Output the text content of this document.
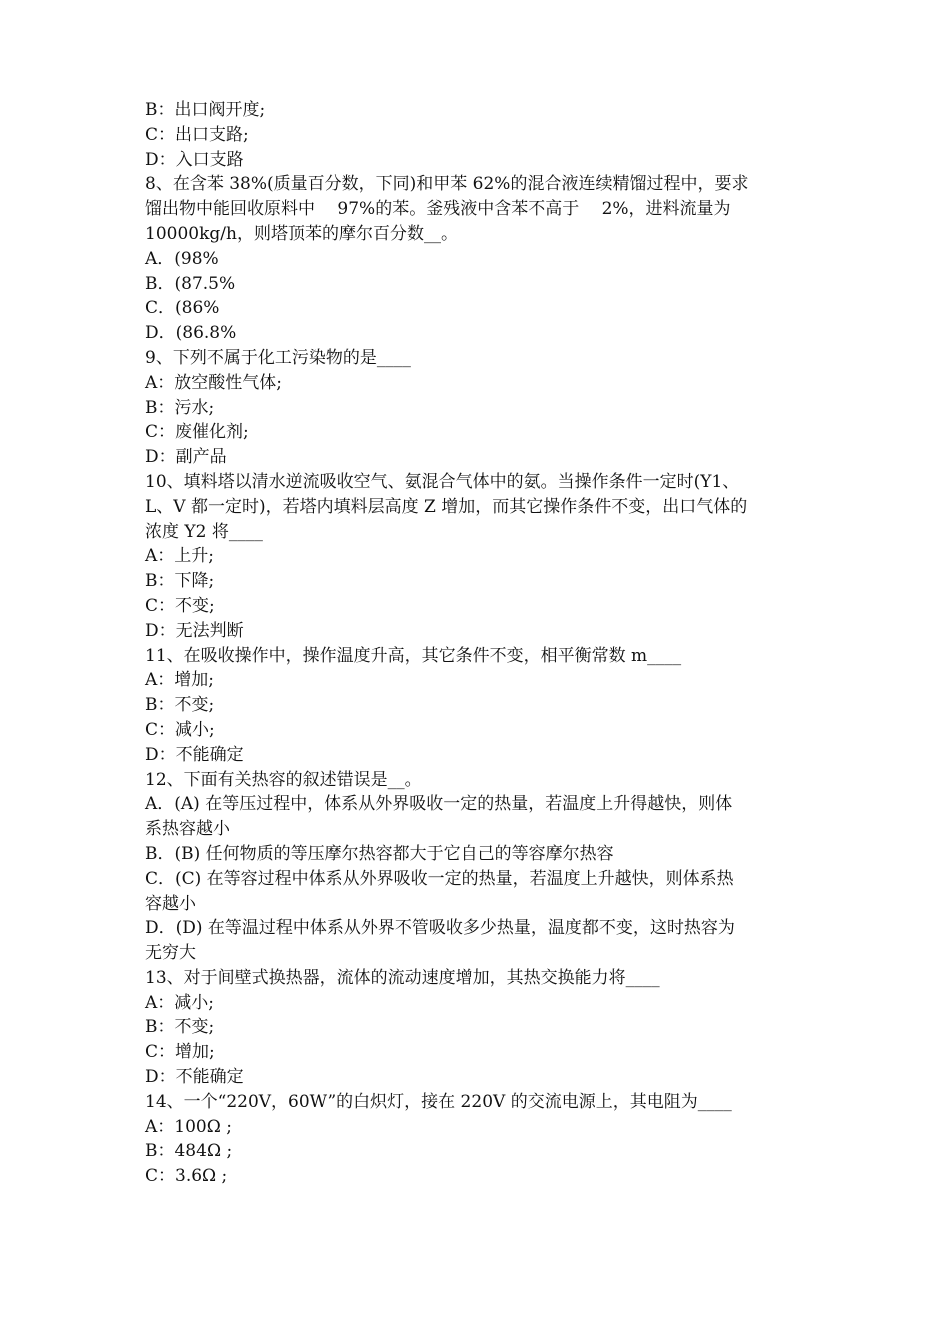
B：出口阀开度;

C：出口支路;

D：入口支路

8、在含苯 38%(质量百分数，下同)和甲苯 62%的混合液连续精馏过程中，要求

馏出物中能回收原料中　 97%的苯。釜残液中含苯不高于　 2%，进料流量为

10000kg/h，则塔顶苯的摩尔百分数__。

A．(98%

B．(87.5%

C．(86%

D．(86.8%

9、下列不属于化工污染物的是____

A：放空酸性气体;

B：污水;

C：废催化剂;

D：副产品

10、填料塔以清水逆流吸收空气、氨混合气体中的氨。当操作条件一定时(Y1、

L、V 都一定时)，若塔内填料层高度 Z 增加，而其它操作条件不变，出口气体的

浓度 Y2 将____

A：上升;

B：下降;

C：不变;

D：无法判断

11、在吸收操作中，操作温度升高，其它条件不变，相平衡常数 m____

A：增加;

B：不变;

C：减小;

D：不能确定

12、下面有关热容的叙述错误是__。

A．(A) 在等压过程中，体系从外界吸收一定的热量，若温度上升得越快，则体

系热容越小

B．(B) 任何物质的等压摩尔热容都大于它自己的等容摩尔热容

C．(C) 在等容过程中体系从外界吸收一定的热量，若温度上升越快，则体系热

容越小

D．(D) 在等温过程中体系从外界不管吸收多少热量，温度都不变，这时热容为

无穷大

13、对于间壁式换热器，流体的流动速度增加，其热交换能力将____

A：减小;

B：不变;

C：增加;

D：不能确定

14、一个“220V，60W”的白炽灯，接在 220V 的交流电源上，其电阻为____

A：100Ω ;

B：484Ω ;

C：3.6Ω ;
